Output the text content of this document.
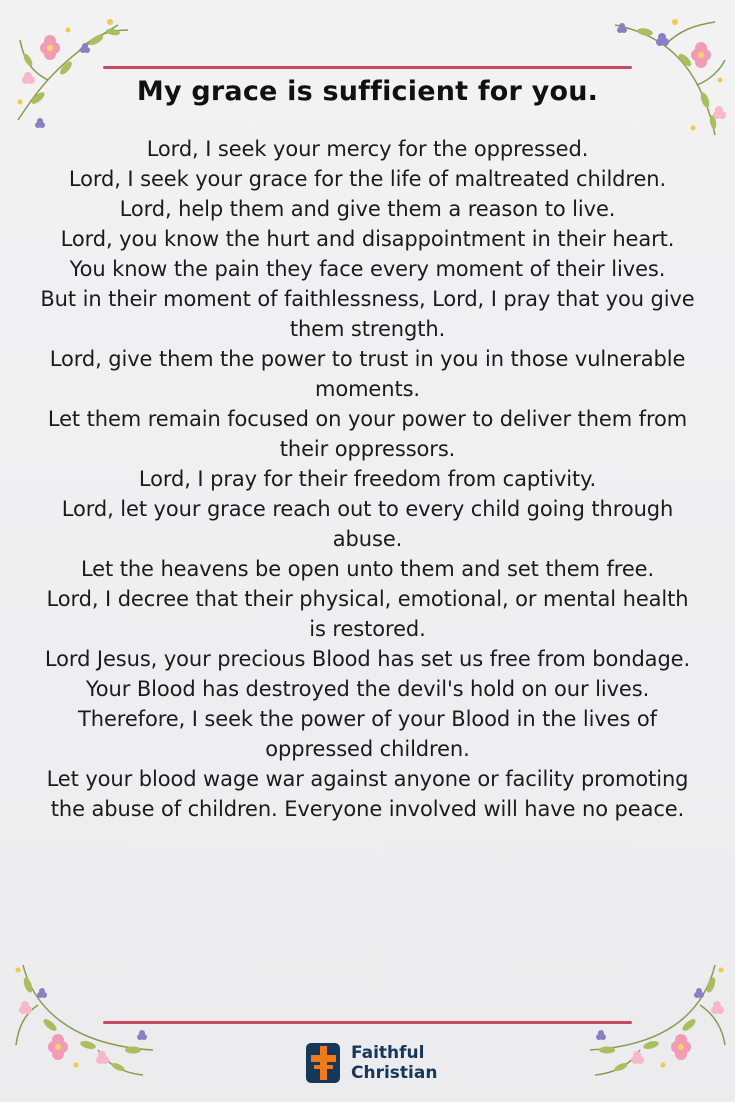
My grace is sufficient for you.

Lord, I seek your mercy for the oppressed.

Lord, I seek your grace for the life of maltreated children.

Lord, help them and give them a reason to live.

Lord, you know the hurt and disappointment in their heart.

You know the pain they face every moment of their lives.

But in their moment of faithlessness, Lord, I pray that you give them strength.

Lord, give them the power to trust in you in those vulnerable moments.

Let them remain focused on your power to deliver them from their oppressors.

Lord, I pray for their freedom from captivity.

Lord, let your grace reach out to every child going through abuse.

Let the heavens be open unto them and set them free.

Lord, I decree that their physical, emotional, or mental health is restored.

Lord Jesus, your precious Blood has set us free from bondage.

Your Blood has destroyed the devil's hold on our lives.

Therefore, I seek the power of your Blood in the lives of oppressed children.

Let your blood wage war against anyone or facility promoting the abuse of children. Everyone involved will have no peace.

Faithful
Christian
